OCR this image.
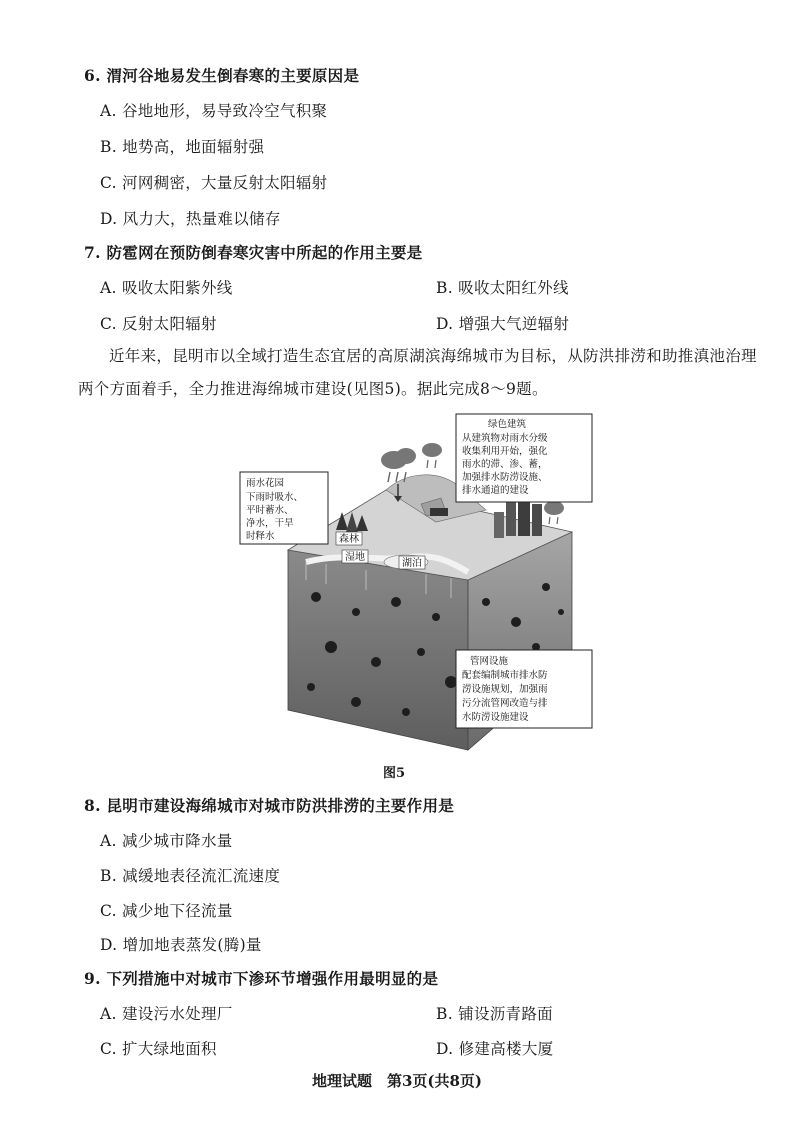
6. 渭河谷地易发生倒春寒的主要原因是
A. 谷地地形，易导致冷空气积聚
B. 地势高，地面辐射强
C. 河网稠密，大量反射太阳辐射
D. 风力大，热量难以储存
7. 防雹网在预防倒春寒灾害中所起的作用主要是
A. 吸收太阳紫外线	B. 吸收太阳红外线
C. 反射太阳辐射	D. 增强大气逆辐射
近年来，昆明市以全域打造生态宜居的高原湖滨海绵城市为目标，从防洪排涝和助推滇池治理两个方面着手，全力推进海绵城市建设(见图5)。据此完成8～9题。
雨水花园
下雨时吸水、
平时蓄水、
净水，干旱
时释水
绿色建筑
从建筑物对雨水分级
收集利用开始，强化
雨水的滞、渗、蓄，
加强排水防涝设施、
排水通道的建设
管网设施
配套编制城市排水防
涝设施规划，加强雨
污分流管网改造与排
水防涝设施建设
森林
湿地
湖泊
图5
8. 昆明市建设海绵城市对城市防洪排涝的主要作用是
A. 减少城市降水量
B. 减缓地表径流汇流速度
C. 减少地下径流量
D. 增加地表蒸发(腾)量
9. 下列措施中对城市下渗环节增强作用最明显的是
A. 建设污水处理厂	B. 铺设沥青路面
C. 扩大绿地面积	D. 修建高楼大厦
地理试题　第3页(共8页)
